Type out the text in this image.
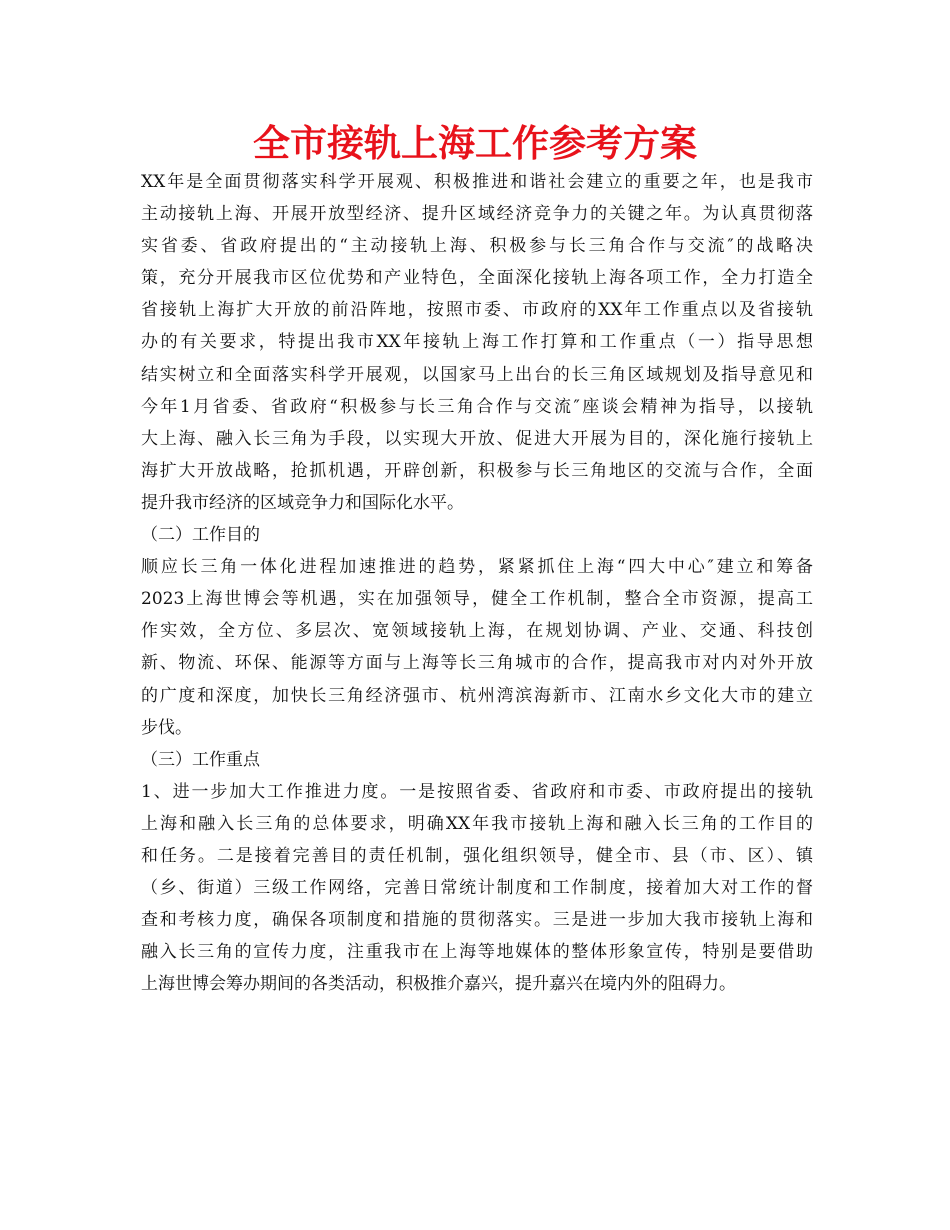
全市接轨上海工作参考方案
XX年是全面贯彻落实科学开展观、积极推进和谐社会建立的重要之年，也是我市
主动接轨上海、开展开放型经济、提升区域经济竞争力的关键之年。为认真贯彻落
实省委、省政府提出的“主动接轨上海、积极参与长三角合作与交流″的战略决
策，充分开展我市区位优势和产业特色，全面深化接轨上海各项工作，全力打造全
省接轨上海扩大开放的前沿阵地，按照市委、市政府的XX年工作重点以及省接轨
办的有关要求，特提出我市XX年接轨上海工作打算和工作重点（一）指导思想
结实树立和全面落实科学开展观，以国家马上出台的长三角区域规划及指导意见和
今年1月省委、省政府“积极参与长三角合作与交流″座谈会精神为指导，以接轨
大上海、融入长三角为手段，以实现大开放、促进大开展为目的，深化施行接轨上
海扩大开放战略，抢抓机遇，开辟创新，积极参与长三角地区的交流与合作，全面
提升我市经济的区域竞争力和国际化水平。
（二）工作目的
顺应长三角一体化进程加速推进的趋势，紧紧抓住上海“四大中心″建立和筹备
2023上海世博会等机遇，实在加强领导，健全工作机制，整合全市资源，提高工
作实效，全方位、多层次、宽领域接轨上海，在规划协调、产业、交通、科技创
新、物流、环保、能源等方面与上海等长三角城市的合作，提高我市对内对外开放
的广度和深度，加快长三角经济强市、杭州湾滨海新市、江南水乡文化大市的建立
步伐。
（三）工作重点
1、进一步加大工作推进力度。一是按照省委、省政府和市委、市政府提出的接轨
上海和融入长三角的总体要求，明确XX年我市接轨上海和融入长三角的工作目的
和任务。二是接着完善目的责任机制，强化组织领导，健全市、县（市、区）、镇
（乡、街道）三级工作网络，完善日常统计制度和工作制度，接着加大对工作的督
查和考核力度，确保各项制度和措施的贯彻落实。三是进一步加大我市接轨上海和
融入长三角的宣传力度，注重我市在上海等地媒体的整体形象宣传，特别是要借助
上海世博会筹办期间的各类活动，积极推介嘉兴，提升嘉兴在境内外的阻碍力。
